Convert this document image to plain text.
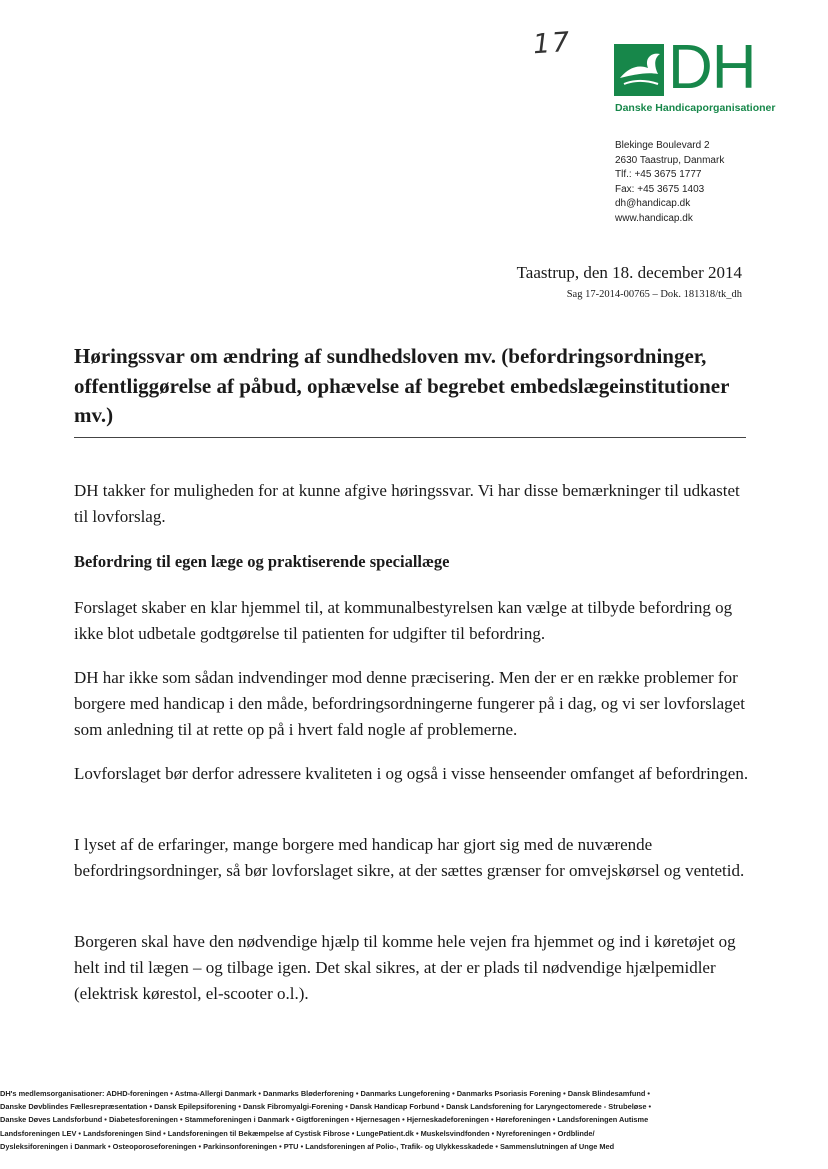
17 DH
Danske Handicaporganisationer
Blekinge Boulevard 2
2630 Taastrup, Danmark
Tlf.: +45 3675 1777
Fax: +45 3675 1403
dh@handicap.dk
www.handicap.dk
Taastrup, den 18. december 2014
Sag 17-2014-00765 – Dok. 181318/tk_dh
Høringssvar om ændring af sundhedsloven mv. (befordringsordninger, offentliggørelse af påbud, ophævelse af begrebet embedslægeinstitutioner mv.)
DH takker for muligheden for at kunne afgive høringssvar. Vi har disse bemærkninger til udkastet til lovforslag.
Befordring til egen læge og praktiserende speciallæge
Forslaget skaber en klar hjemmel til, at kommunalbestyrelsen kan vælge at tilbyde befordring og ikke blot udbetale godtgørelse til patienten for udgifter til befordring.
DH har ikke som sådan indvendinger mod denne præcisering. Men der er en række problemer for borgere med handicap i den måde, befordringsordningerne fungerer på i dag, og vi ser lovforslaget som anledning til at rette op på i hvert fald nogle af problemerne.
Lovforslaget bør derfor adressere kvaliteten i og også i visse henseender omfanget af befordringen.
I lyset af de erfaringer, mange borgere med handicap har gjort sig med de nuværende befordringsordninger, så bør lovforslaget sikre, at der sættes grænser for omvejskørsel og ventetid.
Borgeren skal have den nødvendige hjælp til komme hele vejen fra hjemmet og ind i køretøjet og helt ind til lægen – og tilbage igen. Det skal sikres, at der er plads til nødvendige hjælpemidler (elektrisk kørestol, el-scooter o.l.).
DH's medlemsorganisationer: ADHD-foreningen • Astma-Allergi Danmark • Danmarks Bløderforening • Danmarks Lungeforening • Danmarks Psoriasis Forening • Dansk Blindesamfund •
Danske Døvblindes Fællesrepræsentation • Dansk Epilepsiforening • Dansk Fibromyalgi-Forening • Dansk Handicap Forbund • Dansk Landsforening for Laryngectomerede - Strubeløse •
Danske Døves Landsforbund • Diabetesforeningen • Stammeforeningen i Danmark • Gigtforeningen • Hjernesagen • Hjerneskadeforeningen • Høreforeningen • Landsforeningen Autisme
Landsforeningen LEV • Landsforeningen Sind • Landsforeningen til Bekæmpelse af Cystisk Fibrose • LungePatient.dk • Muskelsvindfonden • Nyreforeningen • Ordblinde/
Dysleksiforeningen i Danmark • Osteoporoseforeningen • Parkinsonforeningen • PTU • Landsforeningen af Polio-, Trafik- og Ulykkesskadede • Sammenslutningen af Unge Med
